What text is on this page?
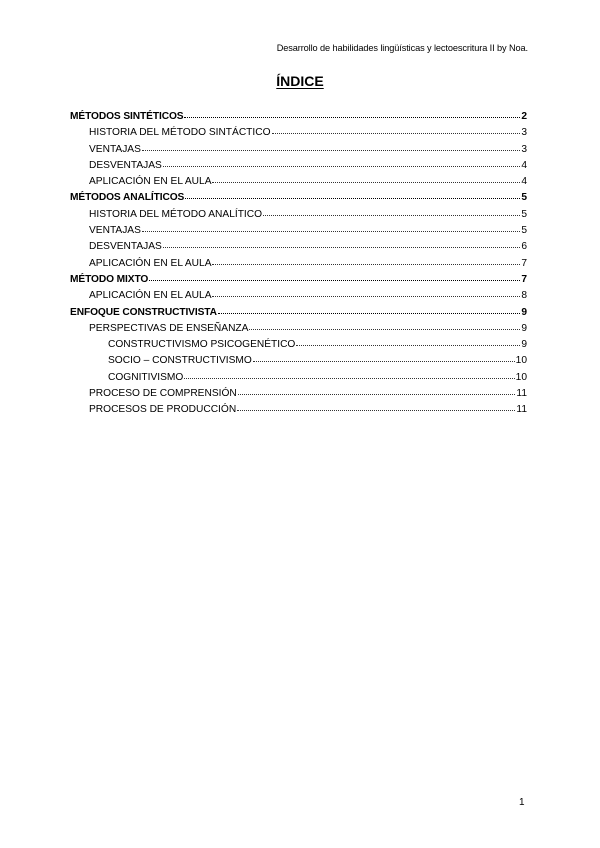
Desarrollo de habilidades lingüísticas y lectoescritura II by Noa.
ÍNDICE
MÉTODOS SINTÉTICOS	2
HISTORIA DEL MÉTODO SINTÁCTICO	3
VENTAJAS	3
DESVENTAJAS	4
APLICACIÓN EN EL AULA	4
MÉTODOS ANALÍTICOS	5
HISTORIA DEL MÉTODO ANALÍTICO	5
VENTAJAS	5
DESVENTAJAS	6
APLICACIÓN EN EL AULA	7
MÉTODO MIXTO	7
APLICACIÓN EN EL AULA	8
ENFOQUE CONSTRUCTIVISTA	9
PERSPECTIVAS DE ENSEÑANZA	9
CONSTRUCTIVISMO PSICOGENÉTICO	9
SOCIO – CONSTRUCTIVISMO	10
COGNITIVISMO	10
PROCESO DE COMPRENSIÓN	11
PROCESOS DE PRODUCCIÓN	11
1
